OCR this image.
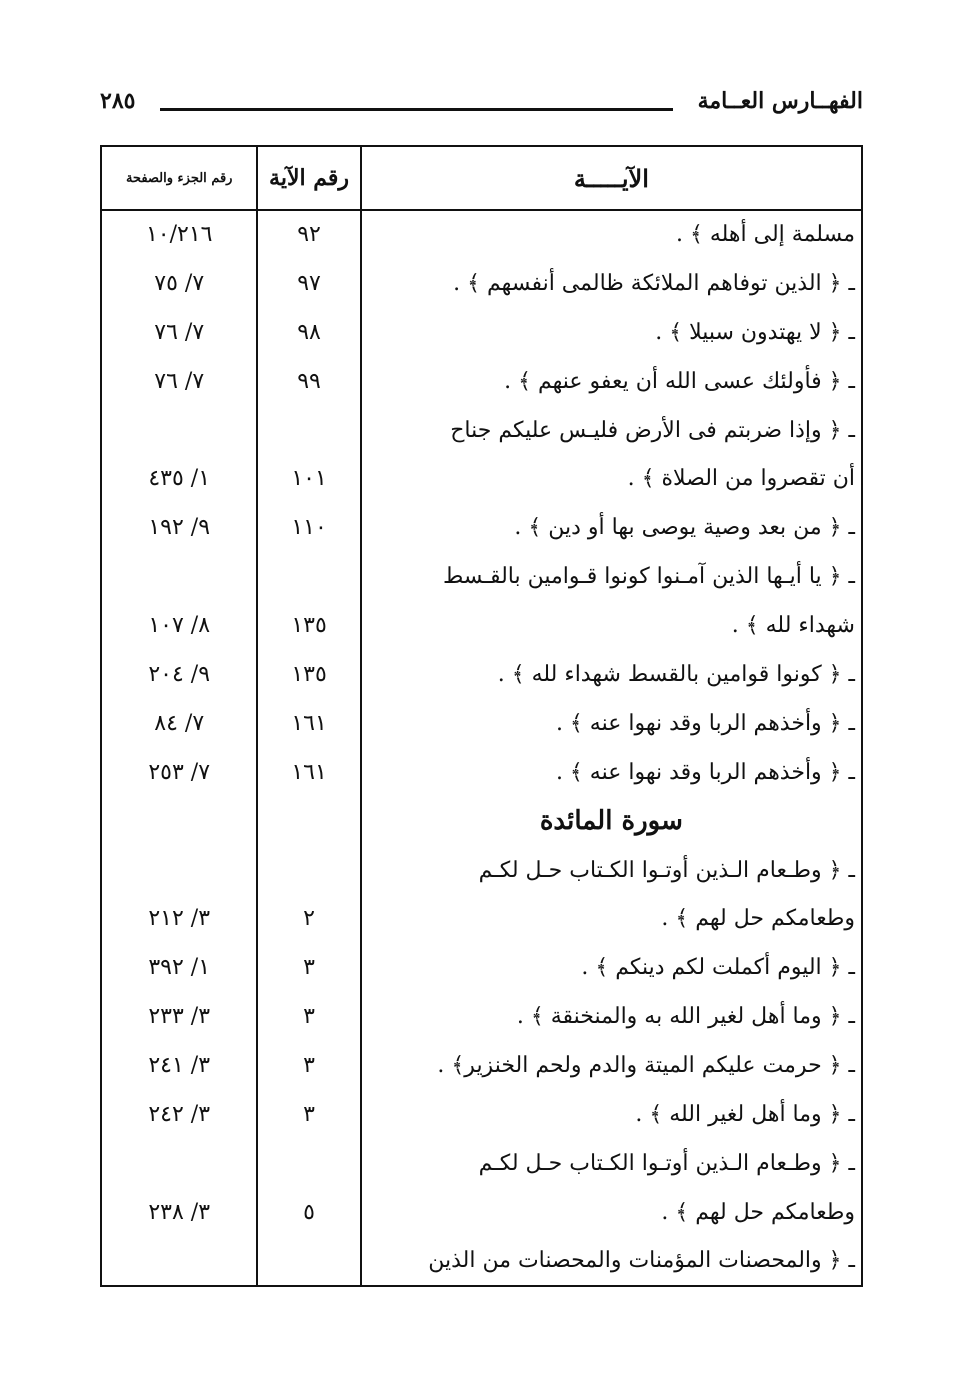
الفهــارس العــامة
٢٨٥
الآيـــــة	رقم الآية	رقم الجزء والصفحة
مسلمة إلى أهله ﴾ .	٩٢	١٠/٢١٦
ـ ﴿ الذين توفاهم الملائكة ظالمى أنفسهم ﴾ .	٩٧	٧/ ٧٥
ـ ﴿ لا يهتدون سبيلا ﴾ .	٩٨	٧/ ٧٦
ـ ﴿ فأولئك عسى الله أن يعفو عنهم ﴾ .	٩٩	٧/ ٧٦
ـ ﴿ وإذا ضربتم فى الأرض فليـس عليكم جناح		
أن تقصروا من الصلاة ﴾ .	١٠١	١/ ٤٣٥
ـ ﴿ من بعد وصية يوصى بها أو دين ﴾ .	١١٠	٩/ ١٩٢
ـ ﴿ يا أيـها الذين آمـنوا كونوا قـوامين بالقـسط		
شهداء لله ﴾ .	١٣٥	٨/ ١٠٧
ـ ﴿ كونوا قوامين بالقسط شهداء لله ﴾ .	١٣٥	٩/ ٢٠٤
ـ ﴿ وأخذهم الربا وقد نهوا عنه ﴾ .	١٦١	٧/ ٨٤
ـ ﴿ وأخذهم الربا وقد نهوا عنه ﴾ .	١٦١	٧/ ٢٥٣
سورة المائدة		
ـ ﴿ وطـعام الـذين أوتـوا الكـتاب حـل لكـم		
وطعامكم حل لهم ﴾ .	٢	٣/ ٢١٢
ـ ﴿ اليوم أكملت لكم دينكم ﴾ .	٣	١/ ٣٩٢
ـ ﴿ وما أهل لغير الله به والمنخنقة ﴾ .	٣	٣/ ٢٣٣
ـ ﴿ حرمت عليكم الميتة والدم ولحم الخنزير﴾ .	٣	٣/ ٢٤١
ـ ﴿ وما أهل لغير الله ﴾ .	٣	٣/ ٢٤٢
ـ ﴿ وطـعام الـذين أوتـوا الكـتاب حـل لكـم		
وطعامكم حل لهم ﴾ .	٥	٣/ ٢٣٨
ـ ﴿ والمحصنات المؤمنات والمحصنات من الذين		
